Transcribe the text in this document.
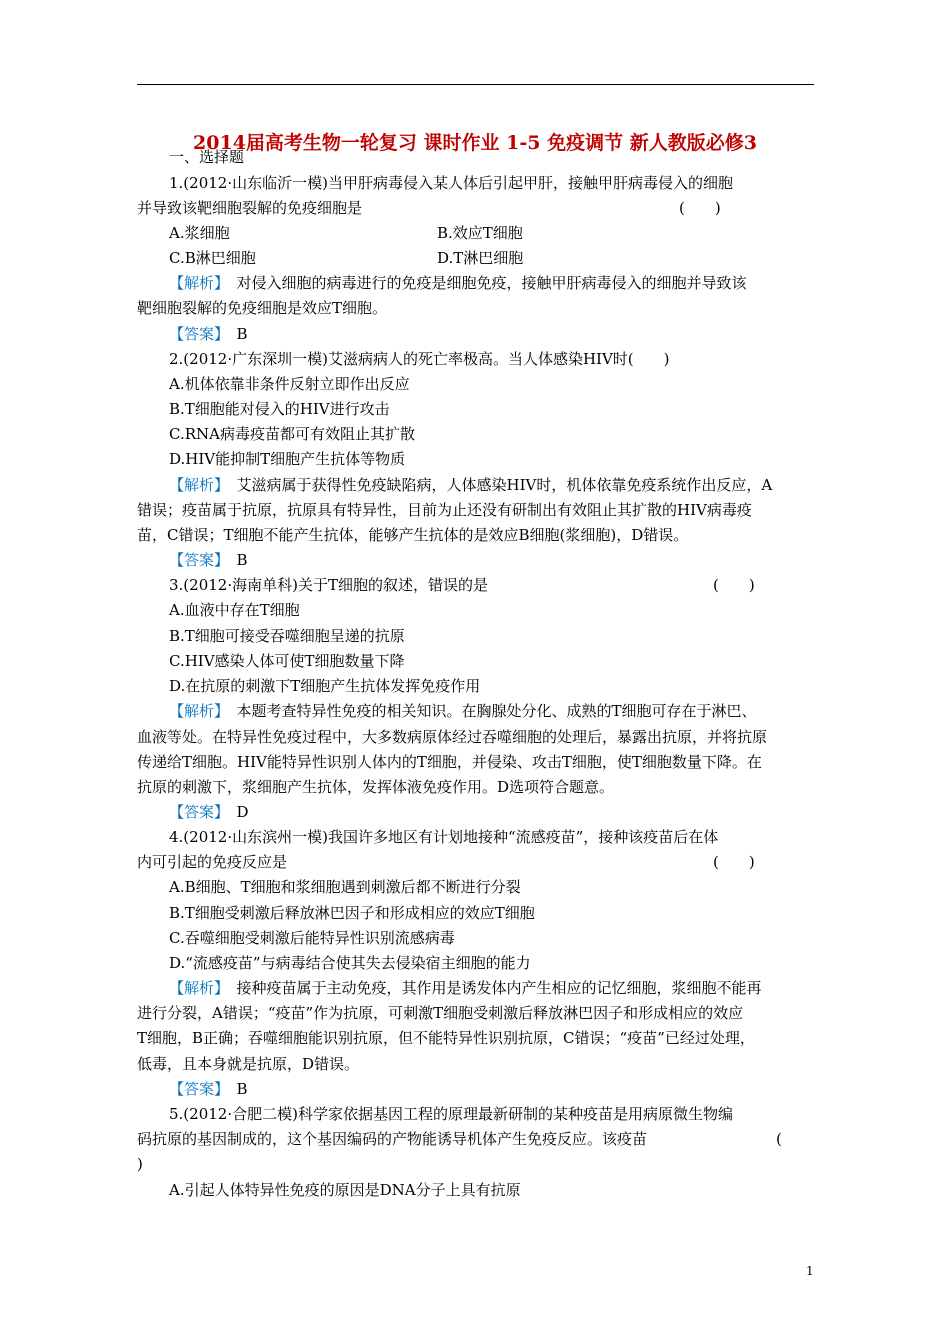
2014届高考生物一轮复习 课时作业 1-5 免疫调节 新人教版必修3
一、选择题
1.(2012·山东临沂一模)当甲肝病毒侵入某人体后引起甲肝，接触甲肝病毒侵入的细胞
并导致该靶细胞裂解的免疫细胞是	(　　)
A.浆细胞	B.效应T细胞
C.B淋巴细胞	D.T淋巴细胞
【解析】　对侵入细胞的病毒进行的免疫是细胞免疫，接触甲肝病毒侵入的细胞并导致该
靶细胞裂解的免疫细胞是效应T细胞。
【答案】　B
2.(2012·广东深圳一模)艾滋病病人的死亡率极高。当人体感染HIV时(　　)
A.机体依靠非条件反射立即作出反应
B.T细胞能对侵入的HIV进行攻击
C.RNA病毒疫苗都可有效阻止其扩散
D.HIV能抑制T细胞产生抗体等物质
【解析】　艾滋病属于获得性免疫缺陷病，人体感染HIV时，机体依靠免疫系统作出反应，A
错误；疫苗属于抗原，抗原具有特异性，目前为止还没有研制出有效阻止其扩散的HIV病毒疫
苗，C错误；T细胞不能产生抗体，能够产生抗体的是效应B细胞(浆细胞)，D错误。
【答案】　B
3.(2012·海南单科)关于T细胞的叙述，错误的是	(　　)
A.血液中存在T细胞
B.T细胞可接受吞噬细胞呈递的抗原
C.HIV感染人体可使T细胞数量下降
D.在抗原的刺激下T细胞产生抗体发挥免疫作用
【解析】　本题考查特异性免疫的相关知识。在胸腺处分化、成熟的T细胞可存在于淋巴、
血液等处。在特异性免疫过程中，大多数病原体经过吞噬细胞的处理后，暴露出抗原，并将抗原
传递给T细胞。HIV能特异性识别人体内的T细胞，并侵染、攻击T细胞，使T细胞数量下降。在
抗原的刺激下，浆细胞产生抗体，发挥体液免疫作用。D选项符合题意。
【答案】　D
4.(2012·山东滨州一模)我国许多地区有计划地接种“流感疫苗”，接种该疫苗后在体
内可引起的免疫反应是	(　　)
A.B细胞、T细胞和浆细胞遇到刺激后都不断进行分裂
B.T细胞受刺激后释放淋巴因子和形成相应的效应T细胞
C.吞噬细胞受刺激后能特异性识别流感病毒
D.“流感疫苗”与病毒结合使其失去侵染宿主细胞的能力
【解析】　接种疫苗属于主动免疫，其作用是诱发体内产生相应的记忆细胞，浆细胞不能再
进行分裂，A错误；“疫苗”作为抗原，可刺激T细胞受刺激后释放淋巴因子和形成相应的效应
T细胞，B正确；吞噬细胞能识别抗原，但不能特异性识别抗原，C错误；“疫苗”已经过处理，
低毒，且本身就是抗原，D错误。
【答案】　B
5.(2012·合肥二模)科学家依据基因工程的原理最新研制的某种疫苗是用病原微生物编
码抗原的基因制成的，这个基因编码的产物能诱导机体产生免疫反应。该疫苗	(
)
A.引起人体特异性免疫的原因是DNA分子上具有抗原
1
